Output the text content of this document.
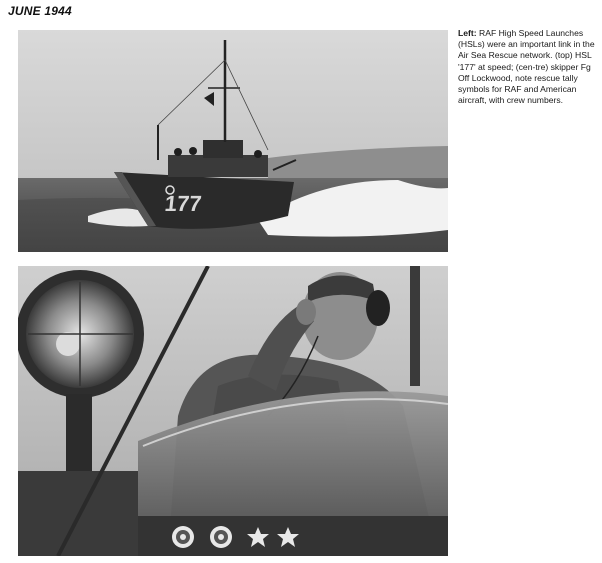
JUNE 1944
177
Left: RAF High Speed Launches (HSLs) were an important link in the Air Sea Rescue network. (top) HSL '177' at speed; (cen-tre) skipper Fg Off Lockwood, note rescue tally symbols for RAF and American aircraft, with crew numbers.
